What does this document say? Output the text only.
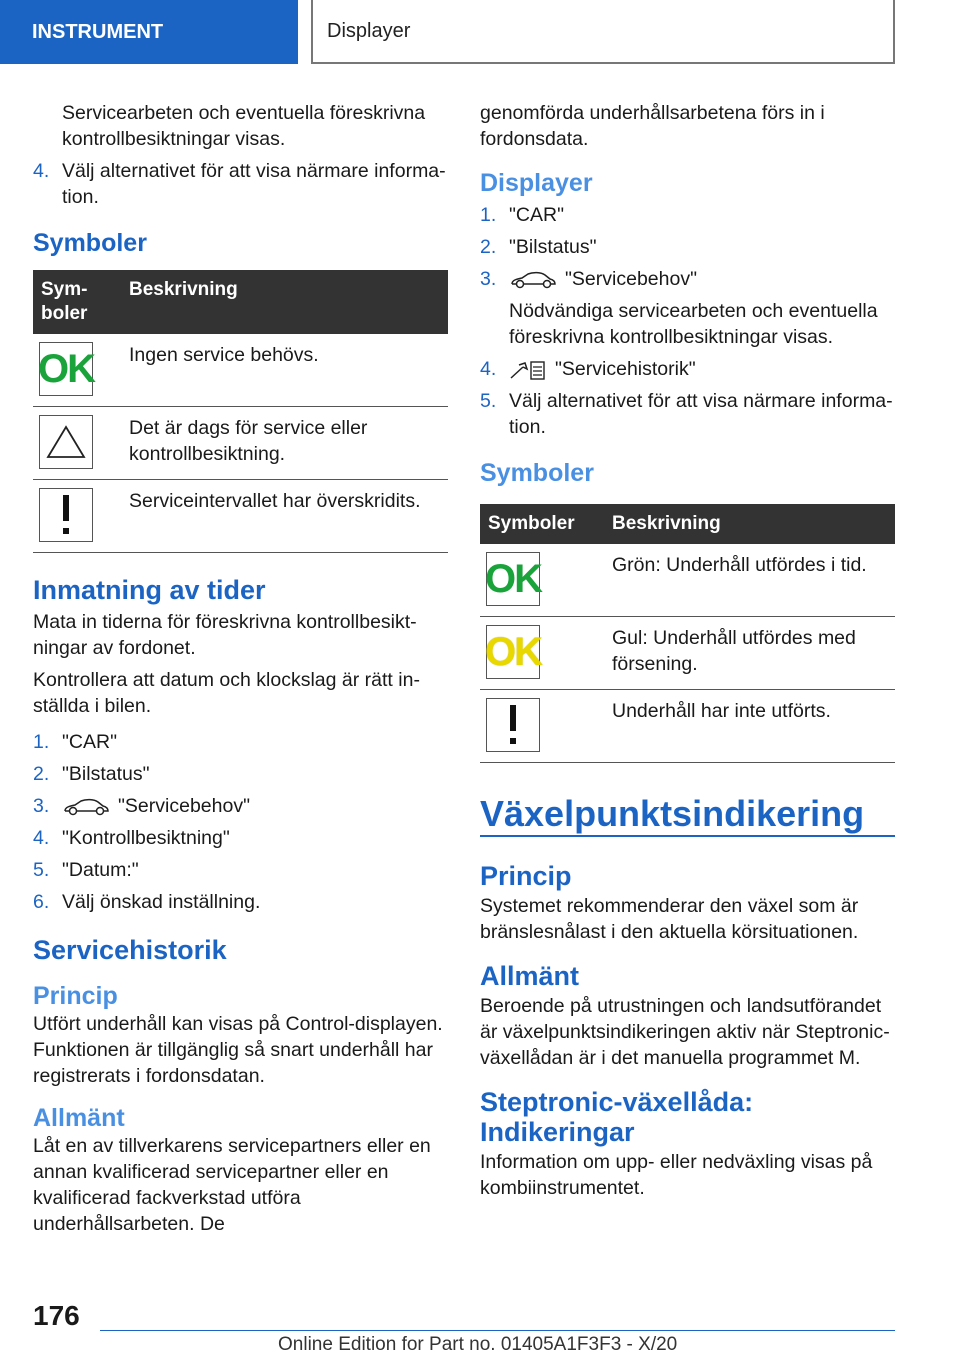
INSTRUMENT	Displayer

Servicearbeten och eventuella föreskrivna kontrollbesiktningar visas.

4. Välj alternativet för att visa närmare information.
Symboler
Symboler	Beskrivning

OK	Ingen service behövs.

	Det är dags för service eller kontrollbesiktning.

	Serviceintervallet har överskridits.
Inmatning av tider

Mata in tiderna för föreskrivna kontrollbesiktningar av fordonet.

Kontrollera att datum och klockslag är rätt inställda i bilen.

1. "CAR"
2. "Bilstatus"
3.	"Servicebehov"
4. "Kontrollbesiktning"
5. "Datum:"
6. Välj önskad inställning.
Servicehistorik
Princip

Utfört underhåll kan visas på Control-displayen. Funktionen är tillgänglig så snart underhåll har registrerats i fordonsdatan.

Allmänt

Låt en av tillverkarens servicepartners eller en annan kvalificerad servicepartner eller en kvalificerad fackverkstad utföra underhållsarbeten. De

genomförda underhållsarbetena förs in i fordonsdata.

Displayer
1. "CAR"
2. "Bilstatus"
3.	"Servicebehov"

Nödvändiga servicearbeten och eventuella föreskrivna kontrollbesiktningar visas.

4.	"Servicehistorik"
5. Välj alternativet för att visa närmare information.
Symboler
Symboler	Beskrivning

OK	Grön: Underhåll utfördes i tid.

OK	Gul: Underhåll utfördes med försening.

	Underhåll har inte utförts.
Växelpunktsindikering
Princip

Systemet rekommenderar den växel som är bränslesnålast i den aktuella körsituationen.

Allmänt

Beroende på utrustningen och landsutförandet är växelpunktsindikeringen aktiv när Steptronic-växellådan är i det manuella programmet M.

Steptronic-växellåda: Indikeringar

Information om upp- eller nedväxling visas på kombiinstrumentet.

176
Online Edition for Part no. 01405A1F3F3 - X/20
